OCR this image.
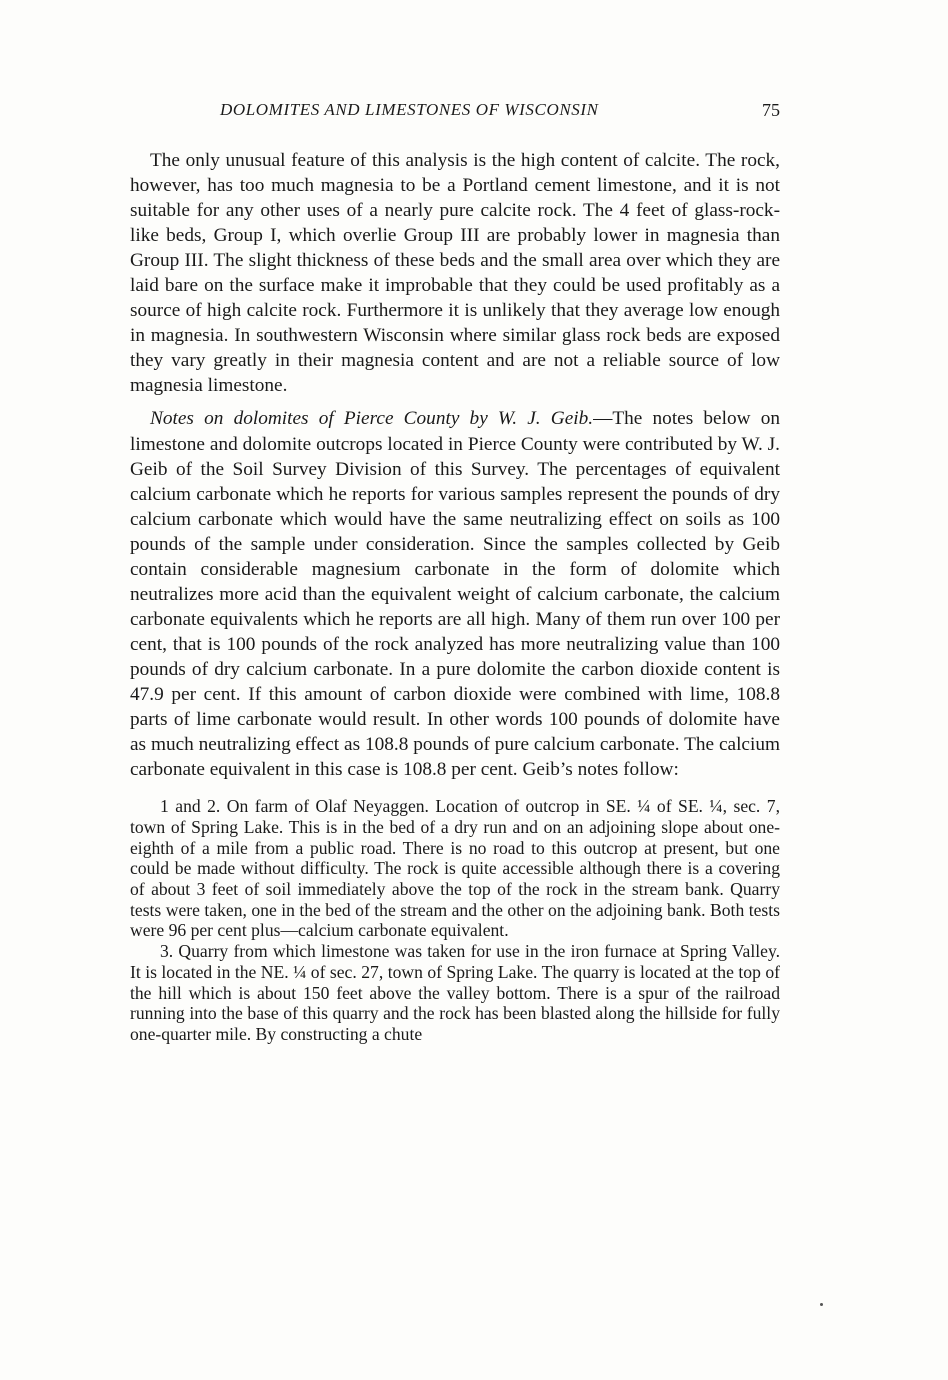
DOLOMITES AND LIMESTONES OF WISCONSIN	75

The only unusual feature of this analysis is the high content of calcite. The rock, however, has too much magnesia to be a Portland cement limestone, and it is not suitable for any other uses of a nearly pure calcite rock. The 4 feet of glass-rock-like beds, Group I, which overlie Group III are probably lower in magnesia than Group III. The slight thickness of these beds and the small area over which they are laid bare on the surface make it improbable that they could be used profitably as a source of high calcite rock. Furthermore it is unlikely that they average low enough in magnesia. In southwestern Wisconsin where similar glass rock beds are exposed they vary greatly in their magnesia content and are not a reliable source of low magnesia limestone.

Notes on dolomites of Pierce County by W. J. Geib.—The notes below on limestone and dolomite outcrops located in Pierce County were contributed by W. J. Geib of the Soil Survey Division of this Survey. The percentages of equivalent calcium carbonate which he reports for various samples represent the pounds of dry calcium carbonate which would have the same neutralizing effect on soils as 100 pounds of the sample under consideration. Since the samples collected by Geib contain considerable magnesium carbonate in the form of dolomite which neutralizes more acid than the equivalent weight of calcium carbonate, the calcium carbonate equivalents which he reports are all high. Many of them run over 100 per cent, that is 100 pounds of the rock analyzed has more neutralizing value than 100 pounds of dry calcium carbonate. In a pure dolomite the carbon dioxide content is 47.9 per cent. If this amount of carbon dioxide were combined with lime, 108.8 parts of lime carbonate would result. In other words 100 pounds of dolomite have as much neutralizing effect as 108.8 pounds of pure calcium carbonate. The calcium carbonate equivalent in this case is 108.8 per cent. Geib’s notes follow:

1 and 2. On farm of Olaf Neyaggen. Location of outcrop in SE. ¼ of SE. ¼, sec. 7, town of Spring Lake. This is in the bed of a dry run and on an adjoining slope about one-eighth of a mile from a public road. There is no road to this outcrop at present, but one could be made without difficulty. The rock is quite accessible although there is a covering of about 3 feet of soil immediately above the top of the rock in the stream bank. Quarry tests were taken, one in the bed of the stream and the other on the adjoining bank. Both tests were 96 per cent plus—calcium carbonate equivalent.

3. Quarry from which limestone was taken for use in the iron furnace at Spring Valley. It is located in the NE. ¼ of sec. 27, town of Spring Lake. The quarry is located at the top of the hill which is about 150 feet above the valley bottom. There is a spur of the railroad running into the base of this quarry and the rock has been blasted along the hillside for fully one-quarter mile. By constructing a chute
